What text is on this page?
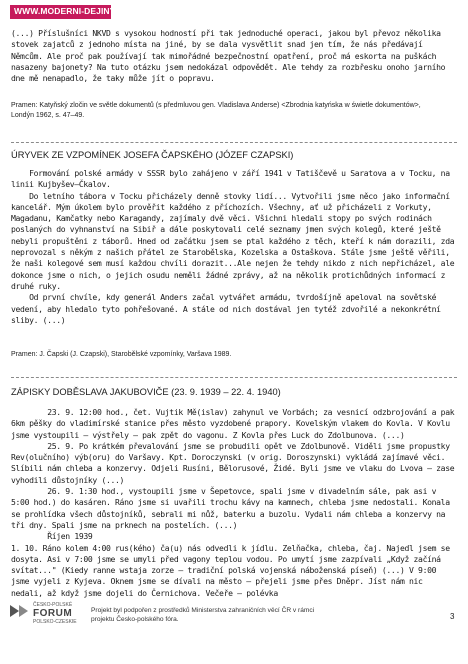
WWW.MODERNI-DEJINY.CZ

(...) Příslušníci NKVD s vysokou hodností při tak jednoduché operaci, jakou byl převoz několika stovek zajatců z jednoho místa na jiné, by se dala vysvětlit snad jen tím, že nás předávají Němcům. Ale proč pak používají tak mimořádné bezpečnostní opatření, proč má eskorta na puškách nasazeny bajonety? Na tuto otázku jsem nedokázal odpovědět. Ale tehdy za rozbřesku onoho jarního dne mě nenapadlo, že taky může jít o popravu.

Pramen: Katyňský zločin ve světle dokumentů (s předmluvou gen. Vladislava Anderse) <Zbrodnia katyńska w świetle dokumentów>,

Londýn 1962, s. 47–49.

ÚRYVEK ZE VZPOMÍNEK JOSEFA ČAPSKÉHO (JÓZEF CZAPSKI)

Formování polské armády v SSSR bylo zahájeno v září 1941 v Tatiščevě u Saratova a v Tocku, na linii Kujbyšev–Čkalov.

Do letního tábora v Tocku přicházely denně stovky lidí... Vytvořili jsme něco jako informační kancelář. Mým úkolem bylo prověřit každého z příchozích. Všechny, ať už přicházeli z Vorkuty, Magadanu, Kamčatky nebo Karagandy, zajímaly dvě věci. Všichni hledali stopy po svých rodinách poslaných do vyhnanství na Sibiř a dále poskytovali celé seznamy jmen svých kolegů, které ještě nebyli propuštěni z táborů. Hned od začátku jsem se ptal každého z těch, kteří k nám dorazili, zda neprovozal s někým z našich přátel ze Starobělska, Kozelska a Ostaškova. Stále jsme ještě věřili, že naši kolegové sem musí každou chvíli dorazit...Ale nejen že tehdy nikdo z nich nepřicházel, ale dokonce jsme o nich, o jejich osudu neměli žádné zprávy, až na několik protichůdných informací z druhé ruky.

Od první chvíle, kdy generál Anders začal vytvářet armádu, tvrdošíjně apeloval na sovětské vedení, aby hledalo tyto pohřešované. A stále od nich dostával jen tytéž zdvořilé a nekonkrétní sliby. (...)

Pramen: J. Čapski (J. Czapski), Starobělské vzpomínky, Varšava 1989.

ZÁPISKY DOBĚSLAVA JAKUBOVIČE (23. 9. 1939 – 22. 4. 1940)

23. 9. 12:00 hod., čet. Vujtik Mě(islav) zahynul ve Vorbách; za vesnicí odzbrojování a pak 6km pěšky do vladimírské stanice přes město vyzdobené prapory. Kovelským vlakem do Kovla. V Kovlu jsme vystoupili – výstřely – pak zpět do vagonu. Z Kovla přes Luck do Zdolbunova. (...)

25. 9. Po krátkém převalování jsme se probudili opět ve Zdolbunově. Viděli jsme propustky Rev(olučního) výb(oru) do Varšavy. Kpt. Doroczynski (v orig. Doroszynski) vykládá zajímavé věci. Slíbili nám chleba a konzervy. Odjeli Rusíni, Bělorusové, Židé. Byli jsme ve vlaku do Lvova – zase vyhodili důstojníky (...)

26. 9. 1:30 hod., vystoupili jsme v Šepetovce, spali jsme v divadelním sále, pak asi v 5:00 hod.) do kasáren. Ráno jsme si uvařili trochu kávy na kamnech, chleba jsme nedostali. Konala se prohlídka všech důstojníků, sebrali mi nůž, baterku a buzolu. Vydali nám chleba a konzervy na tři dny. Spali jsme na prknech na postelích. (...)

Říjen 1939

1. 10. Ráno kolem 4:00 rus(kého) ča(u) nás odvedli k jídlu. Zelňačka, chleba, čaj. Najedl jsem se dosyta. Asi v 7:00 jsme se umyli před vagony teplou vodou. Po umytí jsme zazpívali „Když začíná svítat..." (Kiedy ranne wstaja zorze – tradiční polská vojenská náboženská píseň) (...) V 9:00 jsme vyjeli z Kyjeva. Oknem jsme se dívali na město – přejeli jsme přes Dněpr. Jíst nám nic nedali, až když jsme dojeli do Černichova. Večeře – polévka

ČESKO-POLSKÉ
FORUM
POLSKO-CZESKIE
Projekt byl podpořen z prostředků Ministerstva zahraničních věcí ČR v rámci
projektu Česko-polského fóra.	3
